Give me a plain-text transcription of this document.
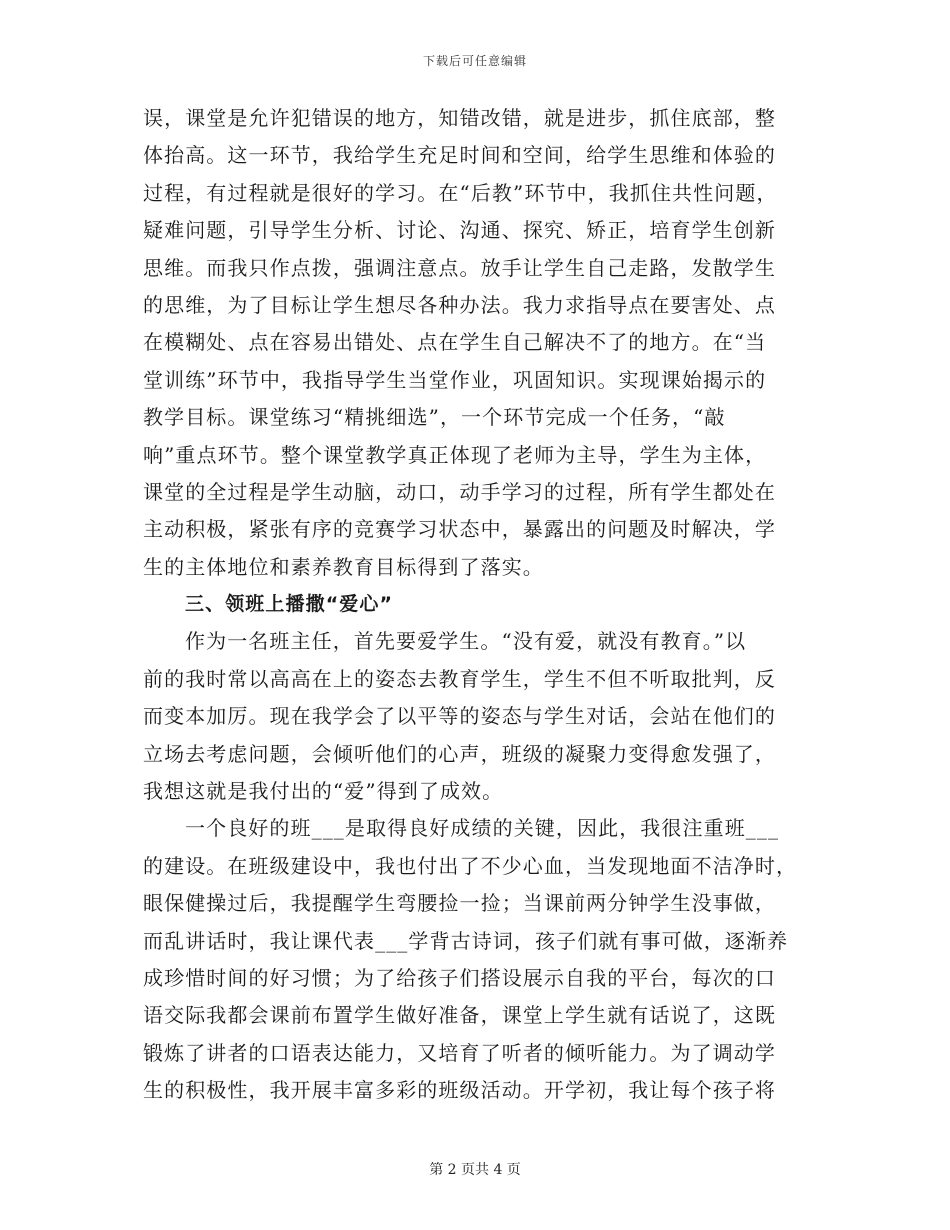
下载后可任意编辑
误，课堂是允许犯错误的地方，知错改错，就是进步，抓住底部，整
体抬高。这一环节，我给学生充足时间和空间，给学生思维和体验的
过程，有过程就是很好的学习。在“后教”环节中，我抓住共性问题，
疑难问题，引导学生分析、讨论、沟通、探究、矫正，培育学生创新
思维。而我只作点拨，强调注意点。放手让学生自己走路，发散学生
的思维，为了目标让学生想尽各种办法。我力求指导点在要害处、点
在模糊处、点在容易出错处、点在学生自己解决不了的地方。在“当
堂训练”环节中，我指导学生当堂作业，巩固知识。实现课始揭示的
教学目标。课堂练习“精挑细选”，一个环节完成一个任务，“敲
响”重点环节。整个课堂教学真正体现了老师为主导，学生为主体，
课堂的全过程是学生动脑，动口，动手学习的过程，所有学生都处在
主动积极，紧张有序的竞赛学习状态中，暴露出的问题及时解决，学
生的主体地位和素养教育目标得到了落实。
三、领班上播撒“爱心”
作为一名班主任，首先要爱学生。“没有爱，就没有教育。”以
前的我时常以高高在上的姿态去教育学生，学生不但不听取批判，反
而变本加厉。现在我学会了以平等的姿态与学生对话，会站在他们的
立场去考虑问题，会倾听他们的心声，班级的凝聚力变得愈发强了，
我想这就是我付出的“爱”得到了成效。
一个良好的班___是取得良好成绩的关键，因此，我很注重班___
的建设。在班级建设中，我也付出了不少心血，当发现地面不洁净时，
眼保健操过后，我提醒学生弯腰捡一捡；当课前两分钟学生没事做，
而乱讲话时，我让课代表___学背古诗词，孩子们就有事可做，逐渐养
成珍惜时间的好习惯；为了给孩子们搭设展示自我的平台，每次的口
语交际我都会课前布置学生做好准备，课堂上学生就有话说了，这既
锻炼了讲者的口语表达能力，又培育了听者的倾听能力。为了调动学
生的积极性，我开展丰富多彩的班级活动。开学初，我让每个孩子将
第 2 页共 4 页
